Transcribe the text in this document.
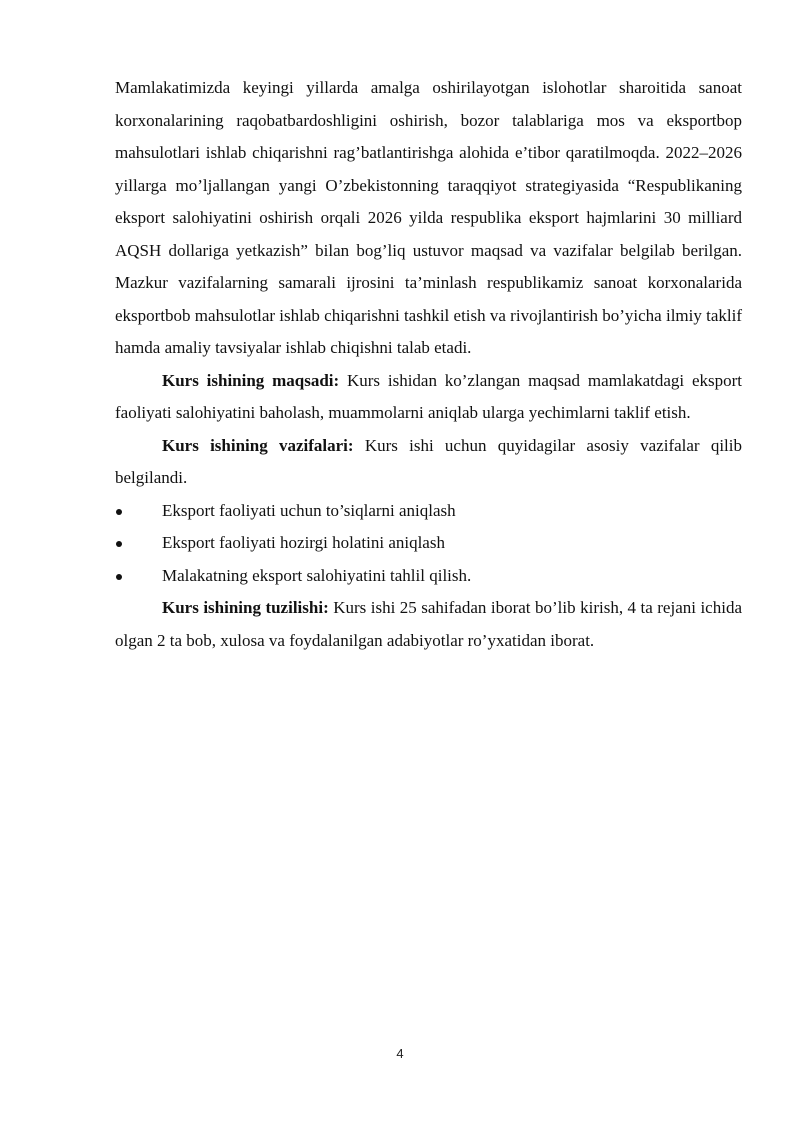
Mamlakatimizda keyingi yillarda amalga oshirilayotgan islohotlar sharoitida sanoat korxonalarining raqobatbardoshligini oshirish, bozor talablariga mos va eksportbop mahsulotlari ishlab chiqarishni rag’batlantirishga alohida e’tibor qaratilmoqda. 2022–2026 yillarga mo’ljallangan yangi O’zbekistonning taraqqiyot strategiyasida “Respublikaning eksport salohiyatini oshirish orqali 2026 yilda respublika eksport hajmlarini 30 milliard AQSH dollariga yetkazish” bilan bog’liq ustuvor maqsad va vazifalar belgilab berilgan. Mazkur vazifalarning samarali ijrosini ta’minlash respublikamiz sanoat korxonalarida eksportbob mahsulotlar ishlab chiqarishni tashkil etish va rivojlantirish bo’yicha ilmiy taklif hamda amaliy tavsiyalar ishlab chiqishni talab etadi.

Kurs ishining maqsadi: Kurs ishidan ko’zlangan maqsad mamlakatdagi eksport faoliyati salohiyatini baholash, muammolarni aniqlab ularga yechimlarni taklif etish.

Kurs ishining vazifalari: Kurs ishi uchun quyidagilar asosiy vazifalar qilib belgilandi.

Eksport faoliyati uchun to’siqlarni aniqlash
Eksport faoliyati hozirgi holatini aniqlash
Malakatning eksport salohiyatini tahlil qilish.

Kurs ishining tuzilishi: Kurs ishi 25 sahifadan iborat bo’lib kirish, 4 ta rejani ichida olgan 2 ta bob, xulosa va foydalanilgan adabiyotlar ro’yxatidan iborat.

4
